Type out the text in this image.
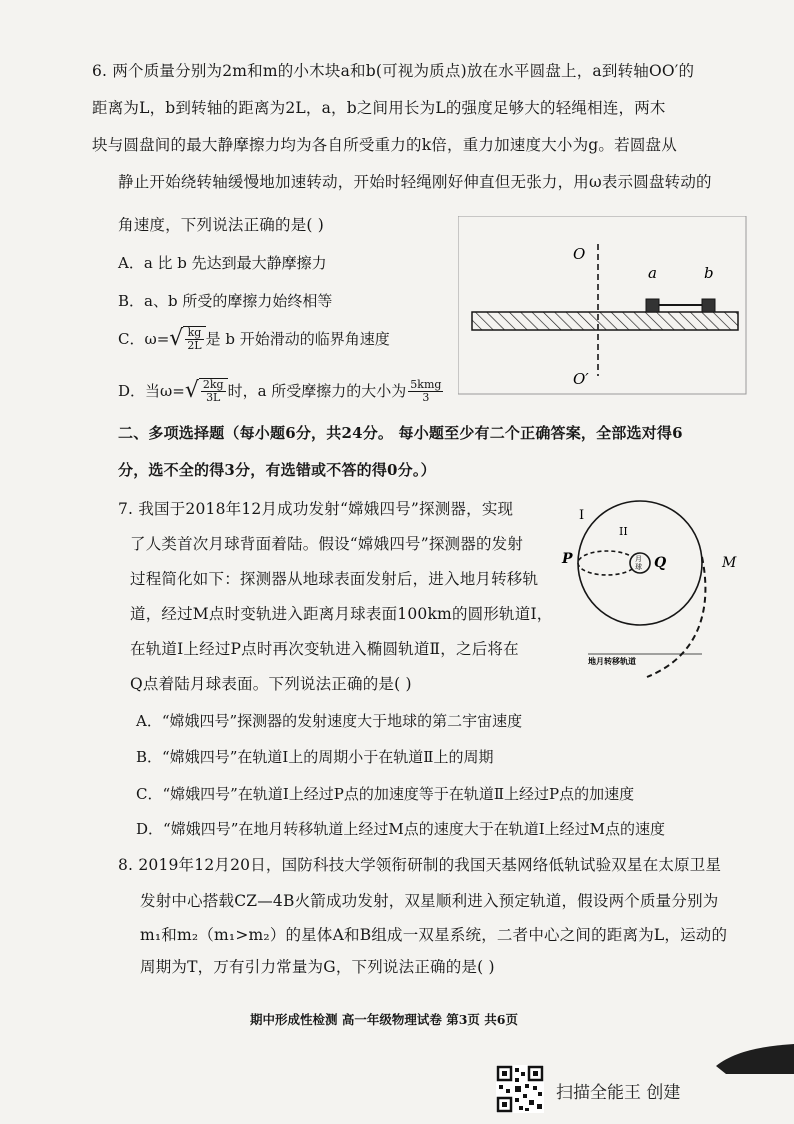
6. 两个质量分别为2m和m的小木块a和b(可视为质点)放在水平圆盘上，a到转轴OO′的
距离为L，b到转轴的距离为2L，a，b之间用长为L的强度足够大的轻绳相连，两木
块与圆盘间的最大静摩擦力均为各自所受重力的k倍，重力加速度大小为g。若圆盘从
静止开始绕转轴缓慢地加速转动，开始时轻绳刚好伸直但无张力，用ω表示圆盘转动的
角速度，下列说法正确的是( )
A．a 比 b 先达到最大静摩擦力
B．a、b 所受的摩擦力始终相等
C．ω= √ $\frac{kg}{2L}$ 是 b 开始滑动的临界角速度
D．当ω= √ $\frac{2kg}{3L}$ 时，a 所受摩擦力的大小为 $\frac{\text{5kmg}}{3}$
O
O′
a	b
二、多项选择题（每小题6分，共24分。 每小题至少有二个正确答案，全部选对得6
分，选不全的得3分，有选错或不答的得0分。）
7. 我国于2018年12月成功发射“嫦娥四号”探测器，实现
了人类首次月球背面着陆。假设“嫦娥四号”探测器的发射
过程简化如下：探测器从地球表面发射后，进入地月转移轨
道，经过M点时变轨进入距离月球表面100km的圆形轨道Ⅰ，
在轨道Ⅰ上经过P点时再次变轨进入椭圆轨道Ⅱ，之后将在
Q点着陆月球表面。下列说法正确的是( )
A．“嫦娥四号”探测器的发射速度大于地球的第二宇宙速度
B．“嫦娥四号”在轨道Ⅰ上的周期小于在轨道Ⅱ上的周期
C．“嫦娥四号”在轨道Ⅰ上经过P点的加速度等于在轨道Ⅱ上经过P点的加速度
D．“嫦娥四号”在地月转移轨道上经过M点的速度大于在轨道Ⅰ上经过M点的速度
月
球
I
II
P	Q	M
地月转移轨道
8. 2019年12月20日，国防科技大学领衔研制的我国天基网络低轨试验双星在太原卫星
发射中心搭载CZ—4B火箭成功发射，双星顺利进入预定轨道，假设两个质量分别为
m₁和m₂（m₁>m₂）的星体A和B组成一双星系统，二者中心之间的距离为L，运动的
周期为T，万有引力常量为G，下列说法正确的是( )
期中形成性检测 高一年级物理试卷 第3页 共6页
扫描全能王 创建
